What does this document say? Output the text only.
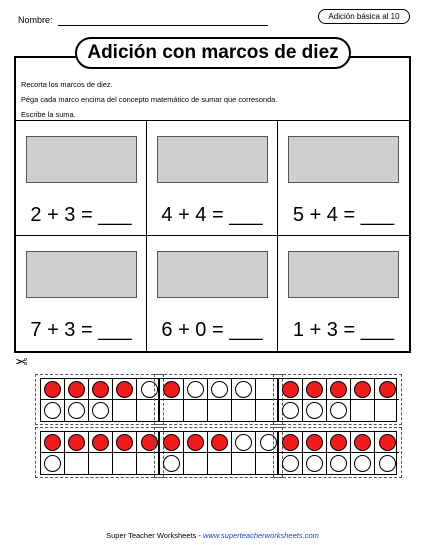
Nombre:	Adición básica al 10
Adición con marcos de diez
Recorta los marcos de diez.
Péga cada marco encima del concepto matemático de sumar que corresonda.
Escribe la suma.
2 + 3 = ___	4 + 4 = ___	5 + 4 = ___
7 + 3 = ___	6 + 0 = ___	1 + 3 = ___
✂
Super Teacher Worksheets - www.superteacherworksheets.com
